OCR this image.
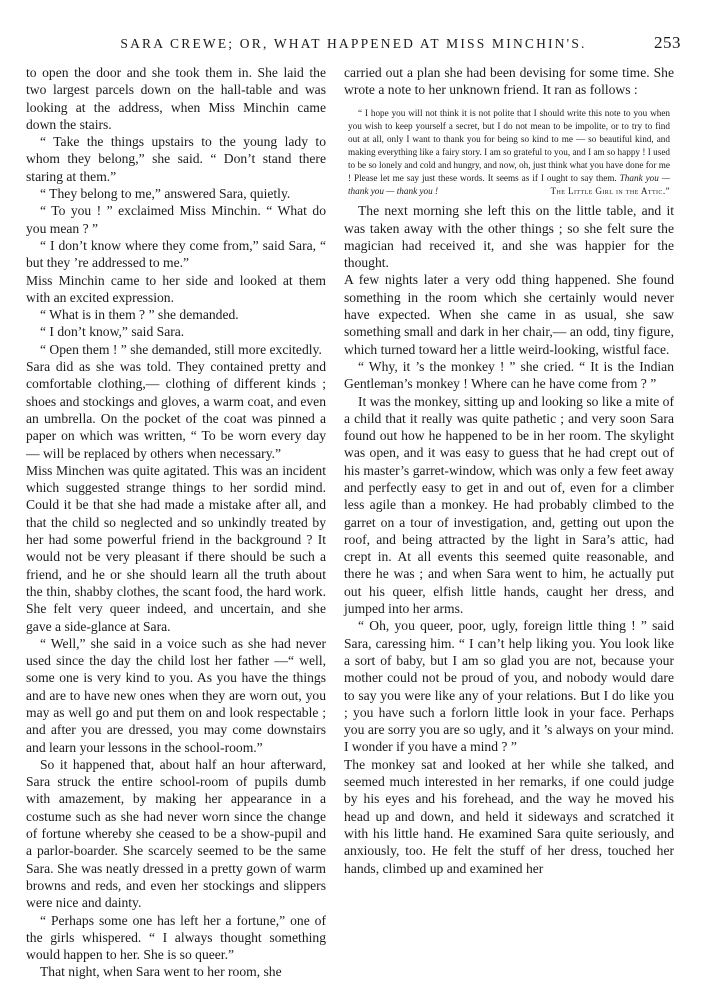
SARA CREWE; OR, WHAT HAPPENED AT MISS MINCHIN'S.	253

to open the door and she took them in. She laid the two largest parcels down on the hall-table and was looking at the address, when Miss Minchin came down the stairs.

“ Take the things upstairs to the young lady to whom they belong,” she said. “ Don’t stand there staring at them.”

“ They belong to me,” answered Sara, quietly.

“ To you ! ” exclaimed Miss Minchin. “ What do you mean ? ”

“ I don’t know where they come from,” said Sara, “ but they ’re addressed to me.”

Miss Minchin came to her side and looked at them with an excited expression.

“ What is in them ? ” she demanded.

“ I don’t know,” said Sara.

“ Open them ! ” she demanded, still more excitedly.

Sara did as she was told. They contained pretty and comfortable clothing,— clothing of different kinds ; shoes and stockings and gloves, a warm coat, and even an umbrella. On the pocket of the coat was pinned a paper on which was written, “ To be worn every day — will be replaced by others when necessary.”

Miss Minchen was quite agitated. This was an incident which suggested strange things to her sordid mind. Could it be that she had made a mistake after all, and that the child so neglected and so unkindly treated by her had some powerful friend in the background ? It would not be very pleasant if there should be such a friend, and he or she should learn all the truth about the thin, shabby clothes, the scant food, the hard work. She felt very queer indeed, and uncertain, and she gave a side-glance at Sara.

“ Well,” she said in a voice such as she had never used since the day the child lost her father —“ well, some one is very kind to you. As you have the things and are to have new ones when they are worn out, you may as well go and put them on and look respectable ; and after you are dressed, you may come downstairs and learn your lessons in the school-room.”

So it happened that, about half an hour afterward, Sara struck the entire school-room of pupils dumb with amazement, by making her appearance in a costume such as she had never worn since the change of fortune whereby she ceased to be a show-pupil and a parlor-boarder. She scarcely seemed to be the same Sara. She was neatly dressed in a pretty gown of warm browns and reds, and even her stockings and slippers were nice and dainty.

“ Perhaps some one has left her a fortune,” one of the girls whispered. “ I always thought something would happen to her. She is so queer.”

That night, when Sara went to her room, she

carried out a plan she had been devising for some time. She wrote a note to her unknown friend. It ran as follows :

“ I hope you will not think it is not polite that I should write this note to you when you wish to keep yourself a secret, but I do not mean to be impolite, or to try to find out at all, only I want to thank you for being so kind to me — so beautiful kind, and making everything like a fairy story. I am so grateful to you, and I am so happy ! I used to be so lonely and cold and hungry, and now, oh, just think what you have done for me ! Please let me say just these words. It seems as if I ought to say them. Thank you — thank you — thank you !	The Little Girl in the Attic.”

The next morning she left this on the little table, and it was taken away with the other things ; so she felt sure the magician had received it, and she was happier for the thought.

A few nights later a very odd thing happened. She found something in the room which she certainly would never have expected. When she came in as usual, she saw something small and dark in her chair,— an odd, tiny figure, which turned toward her a little weird-looking, wistful face.

“ Why, it ’s the monkey ! ” she cried. “ It is the Indian Gentleman’s monkey ! Where can he have come from ? ”

It was the monkey, sitting up and looking so like a mite of a child that it really was quite pathetic ; and very soon Sara found out how he happened to be in her room. The skylight was open, and it was easy to guess that he had crept out of his master’s garret-window, which was only a few feet away and perfectly easy to get in and out of, even for a climber less agile than a monkey. He had probably climbed to the garret on a tour of investigation, and, getting out upon the roof, and being attracted by the light in Sara’s attic, had crept in. At all events this seemed quite reasonable, and there he was ; and when Sara went to him, he actually put out his queer, elfish little hands, caught her dress, and jumped into her arms.

“ Oh, you queer, poor, ugly, foreign little thing ! ” said Sara, caressing him. “ I can’t help liking you. You look like a sort of baby, but I am so glad you are not, because your mother could not be proud of you, and nobody would dare to say you were like any of your relations. But I do like you ; you have such a forlorn little look in your face. Perhaps you are sorry you are so ugly, and it ’s always on your mind. I wonder if you have a mind ? ”

The monkey sat and looked at her while she talked, and seemed much interested in her remarks, if one could judge by his eyes and his forehead, and the way he moved his head up and down, and held it sideways and scratched it with his little hand. He examined Sara quite seriously, and anxiously, too. He felt the stuff of her dress, touched her hands, climbed up and examined her
